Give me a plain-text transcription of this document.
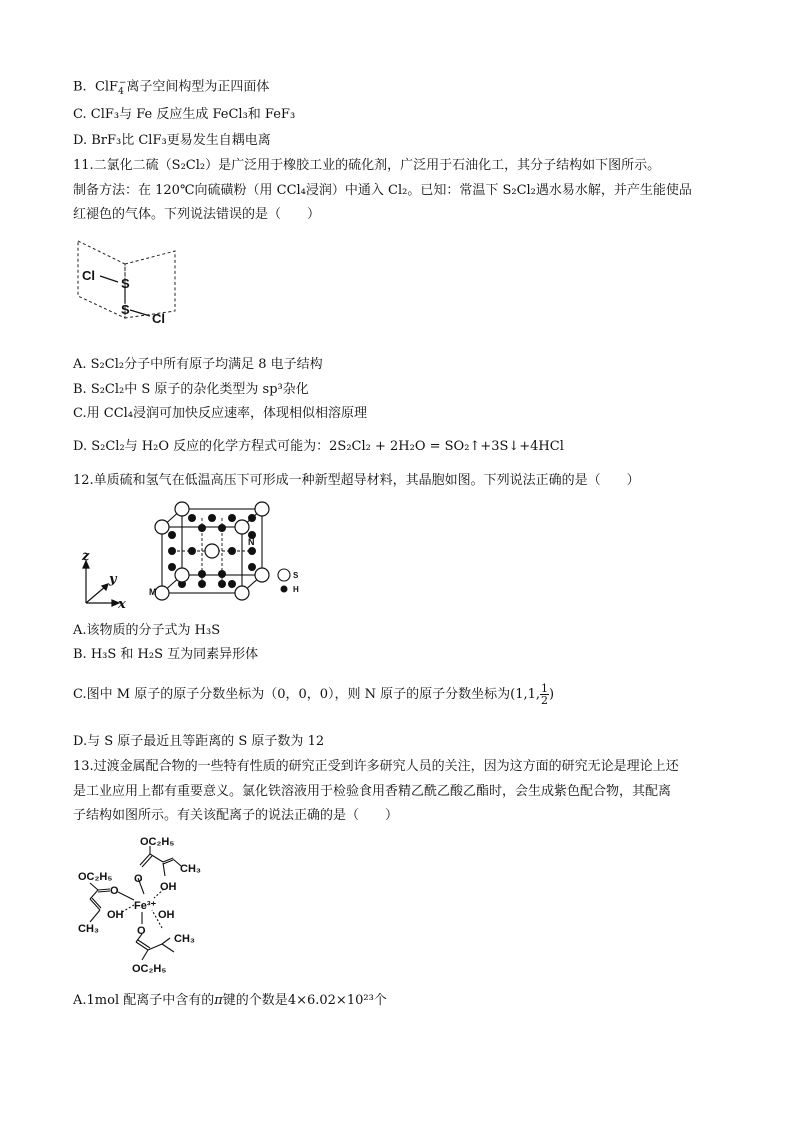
B. ClF$_4$−离子空间构型为正四面体
C. ClF₃与 Fe 反应生成 FeCl₃和 FeF₃
D. BrF₃比 ClF₃更易发生自耦电离
11.二氯化二硫（S₂Cl₂）是广泛用于橡胶工业的硫化剂，广泛用于石油化工，其分子结构如下图所示。
制备方法：在 120℃向硫磺粉（用 CCl₄浸润）中通入 Cl₂。已知：常温下 S₂Cl₂遇水易水解，并产生能使品
红褪色的气体。下列说法错误的是（　　）
Cl
S
S
Cl
A. S₂Cl₂分子中所有原子均满足 8 电子结构
B. S₂Cl₂中 S 原子的杂化类型为 sp³杂化
C.用 CCl₄浸润可加快反应速率，体现相似相溶原理
D. S₂Cl₂与 H₂O 反应的化学方程式可能为：2S₂Cl₂ + 2H₂O = SO₂↑+3S↓+4HCl
12.单质硫和氢气在低温高压下可形成一种新型超导材料，其晶胞如图。下列说法正确的是（　　）
z
y
x
M
N
S
H
A.该物质的分子式为 H₃S
B. H₃S 和 H₂S 互为同素异形体
C.图中 M 原子的原子分数坐标为（0，0，0），则 N 原子的原子分数坐标为(1,1, $\frac{1}{2}$ )
D.与 S 原子最近且等距离的 S 原子数为 12
13.过渡金属配合物的一些特有性质的研究正受到许多研究人员的关注，因为这方面的研究无论是理论上还
是工业应用上都有重要意义。氯化铁溶液用于检验食用香精乙酰乙酸乙酯时，会生成紫色配合物，其配离
子结构如图所示。有关该配离子的说法正确的是（　　）
OC₂H₅
CH₃
O
OH
OC₂H₅
O
OH
CH₃
Fe³⁺
OH
O
CH₃
OC₂H₅
A.1mol 配离子中含有的π键的个数是4×6.02×10²³个
